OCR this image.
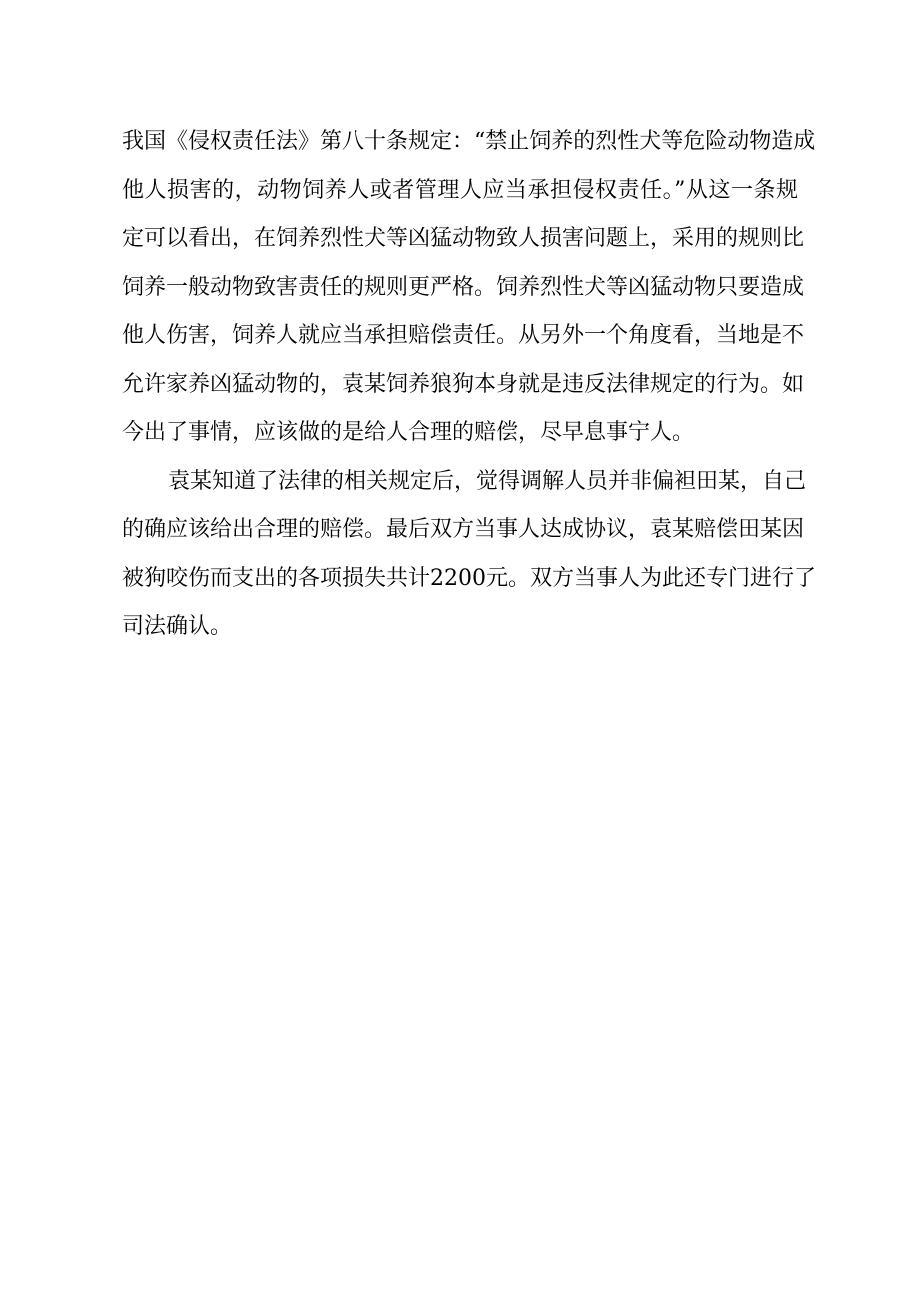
我国《侵权责任法》第八十条规定：“禁止饲养的烈性犬等危险动物造成
他人损害的，动物饲养人或者管理人应当承担侵权责任。”从这一条规
定可以看出，在饲养烈性犬等凶猛动物致人损害问题上，采用的规则比
饲养一般动物致害责任的规则更严格。饲养烈性犬等凶猛动物只要造成
他人伤害，饲养人就应当承担赔偿责任。从另外一个角度看，当地是不
允许家养凶猛动物的，袁某饲养狼狗本身就是违反法律规定的行为。如
今出了事情，应该做的是给人合理的赔偿，尽早息事宁人。
袁某知道了法律的相关规定后，觉得调解人员并非偏袒田某，自己
的确应该给出合理的赔偿。最后双方当事人达成协议，袁某赔偿田某因
被狗咬伤而支出的各项损失共计2200元。双方当事人为此还专门进行了
司法确认。
